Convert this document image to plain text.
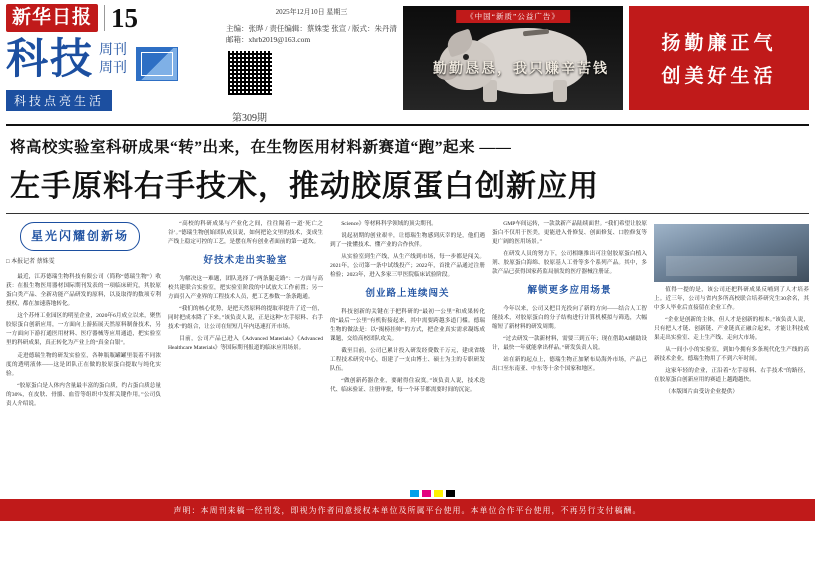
新华日报 15
科技 周刊
周刊
科技点亮生活
2025年12月10日 星期三
主编：张晔 / 责任编辑：蔡姝雯 张宣 / 版式：朱丹清
邮箱：xhrb2019@163.com
第309期
《中国“新质”公益广告》
勤勤恳恳，我只赚辛苦钱
扬勤廉正气
创美好生活
将高校实验室科研成果“转”出来，在生物医用材料新赛道“跑”起来 ——
左手原料右手技术，推动胶原蛋白创新应用
星光闪耀创新场
□ 本报记者 蔡姝雯

最近，江苏德瑞生物科技有限公司（简称“德瑞生物”）收获：在报生物医用器材国际期刊发表的一项临床研究，其胶原蛋白类产品、全新功能产品研发的原料，以及取得的数项专利授权，都在加速落地转化。

这个苏州工业园区的明星企业，2020年6月成立以来，聚焦胶原蛋白创新应用，一方面向上游拓展天然原料制备技术，另一方面向下游打通医用材料、医疗器械等应用通道，把实验室里的科研成果，真正转化为产业上的“真金白银”。

走进德瑞生物的研发实验室，各种瓶瓶罐罐里装着不同浓度的透明液体——这是团队正在做的胶原蛋白提取与纯化实验。

“胶原蛋白是人体内含量最丰富的蛋白质，约占蛋白质总量的30%，在皮肤、骨骼、血管等组织中发挥关键作用。”公司负责人介绍说。

“高校的科研成果与产业化之间，往往隔着一道‘死亡之谷’。”德瑞生物创始团队成员说，如何把论文里的技术，变成生产线上稳定可控的工艺，是摆在所有创业者面前的第一道坎。

好技术走出实验室

为解决这一难题，团队选择了“两条腿走路”：一方面与高校共建联合实验室，把实验室阶段的中试放大工作前置；另一方面引入产业界的工程技术人员，把工艺参数一条条跑通。

“我们的核心优势，是把天然原料的提取率提升了近一倍，同时把成本降了下来。”该负责人说，正是这种“左手原料、右手技术”的组合，让公司在短短几年内迅速打开市场。

目前，公司产品已进入《Advanced Materials》《Advanced Healthcare Materials》等国际期刊报道的临床应用场景。

Science》等材料科学领域的顶尖期刊。

说起初期的创业艰辛，让德瑞生物感到庆幸的是，他们遇到了一批懂技术、懂产业的合作伙伴。

从实验室到生产线，从生产线到市场，每一步都是闯关。2021年，公司第一条中试线投产；2022年，首批产品通过注册检验；2023年，进入多家三甲医院临床试验阶段。

创业路上连续闯关

科技创新的关键在于把科研的“最初一公里”和成果转化的“最后一公里”有机衔接起来，其中需要跨越多道门槛。德瑞生物的做法是：以“揭榜挂帅”的方式，把企业真实需求凝练成课题，交给高校团队攻关。

截至目前，公司已累计投入研发经费数千万元，建成省级工程技术研究中心，组建了一支由博士、硕士为主的专职研发队伍。

“做创新药器企业，要耐得住寂寞。”该负责人说，技术迭代、临床验证、注册审批，每一个环节都需要时间的沉淀。

GMP车间运转，一款款新产品陆续面世。“我们希望让胶原蛋白不仅用于医美，更能进入骨修复、创面修复、口腔修复等更广阔的医用场景。”

在研发人员的努力下，公司相继推出可注射胶原蛋白植入剂、胶原蛋白海绵、胶原基人工骨等多个系列产品。其中，多款产品已获得国家药监局颁发的医疗器械注册证。

解锁更多应用场景

今年以来，公司又把目光投向了新的方向——结合人工智能技术，对胶原蛋白的分子结构进行计算机模拟与筛选，大幅缩短了新材料的研发周期。

“过去研发一款新材料，需要三到五年；现在借助AI辅助设计，最快一年就能拿出样品。”研发负责人说。

站在新的起点上，德瑞生物正加紧布局海外市场，产品已出口至东南亚、中东等十余个国家和地区。

值得一提的是，该公司还把科研成果反哺到了人才培养上。近三年，公司与省内多所高校联合培养研究生30余名，其中多人毕业后直接留在企业工作。

“企业是创新的主体，但人才是创新的根本。”该负责人说，只有把人才链、创新链、产业链真正融合起来，才能让科技成果走出实验室、走上生产线、走向大市场。

从一间小小的实验室，到如今拥有多条现代化生产线的高新技术企业，德瑞生物用了不到六年时间。

这家年轻的企业，正沿着“左手原料、右手技术”的路径，在胶原蛋白创新应用的赛道上越跑越快。

（本版图片由受访企业提供）

声明：本周刊来稿一经刊发，即视为作者同意授权本单位及所属平台使用。本单位合作平台使用，不再另行支付稿酬。
